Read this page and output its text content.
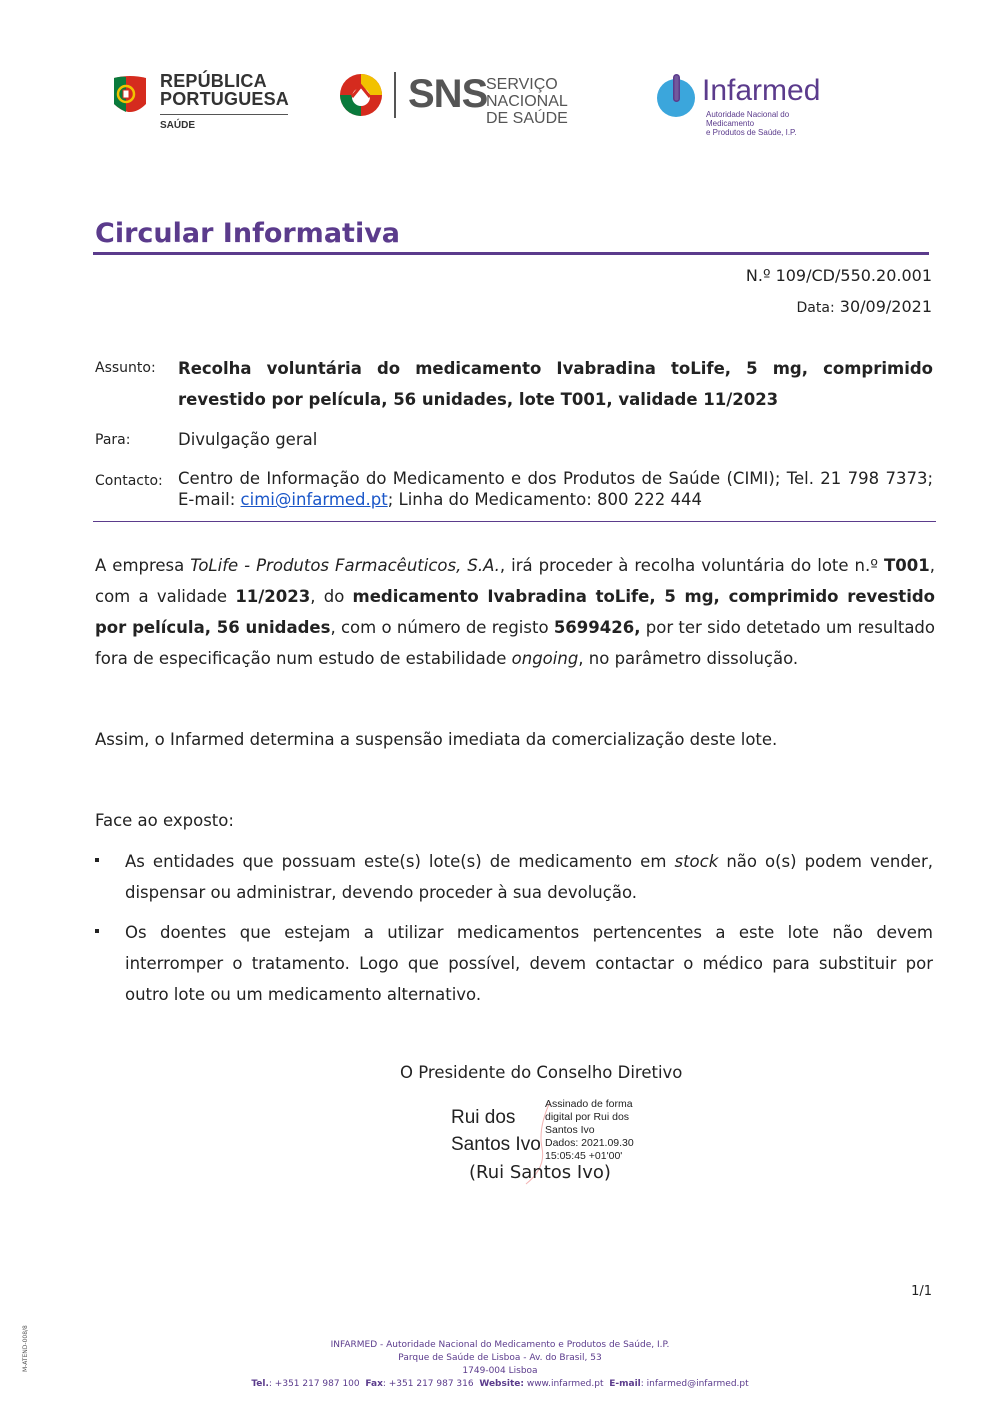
REPÚBLICA
PORTUGUESA
SAÚDE
SNS
SERVIÇO NACIONAL
DE SAÚDE
Infarmed
Autoridade Nacional do Medicamento
e Produtos de Saúde, I.P.
Circular Informativa
N.º 109/CD/550.20.001
Data: 30/09/2021
Assunto: Recolha voluntária do medicamento Ivabradina toLife, 5 mg, comprimido revestido por película, 56 unidades, lote T001, validade 11/2023
Para:	Divulgação geral
Contacto: Centro de Informação do Medicamento e dos Produtos de Saúde (CIMI); Tel. 21 798 7373; E-mail: cimi@infarmed.pt; Linha do Medicamento: 800 222 444
A empresa ToLife - Produtos Farmacêuticos, S.A., irá proceder à recolha voluntária do lote n.º T001, com a validade 11/2023, do medicamento Ivabradina toLife, 5 mg, comprimido revestido por película, 56 unidades, com o número de registo 5699426, por ter sido detetado um resultado fora de especificação num estudo de estabilidade ongoing, no parâmetro dissolução.
Assim, o Infarmed determina a suspensão imediata da comercialização deste lote.
Face ao exposto:
As entidades que possuam este(s) lote(s) de medicamento em stock não o(s) podem vender, dispensar ou administrar, devendo proceder à sua devolução.
Os doentes que estejam a utilizar medicamentos pertencentes a este lote não devem interromper o tratamento. Logo que possível, devem contactar o médico para substituir por outro lote ou um medicamento alternativo.
O Presidente do Conselho Diretivo
Rui dos
Santos Ivo
Assinado de forma
digital por Rui dos
Santos Ivo
Dados: 2021.09.30
15:05:45 +01'00'
(Rui Santos Ivo)
1/1
M-ATEND-008/8	INFARMED - Autoridade Nacional do Medicamento e Produtos de Saúde, I.P.
Parque de Saúde de Lisboa - Av. do Brasil, 53
1749-004 Lisboa
Tel.: +351 217 987 100 Fax: +351 217 987 316 Website: www.infarmed.pt E-mail: infarmed@infarmed.pt
